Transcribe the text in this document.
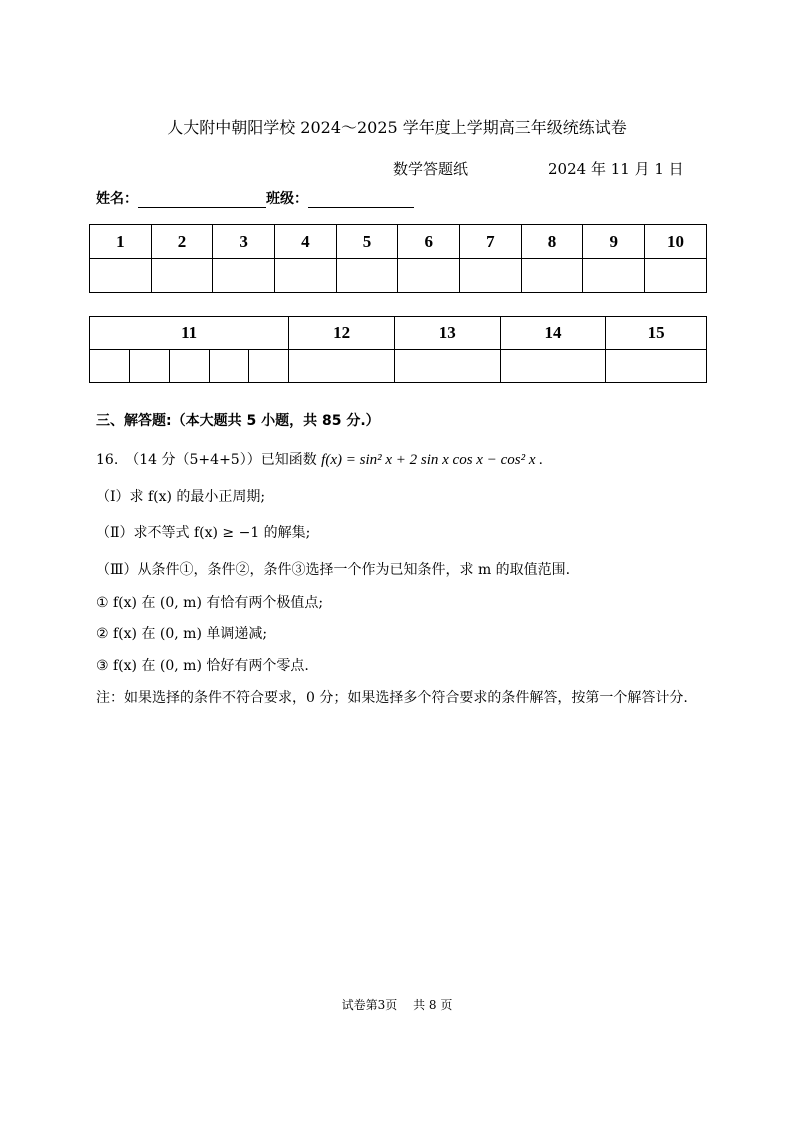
人大附中朝阳学校 2024～2025 学年度上学期高三年级统练试卷
数学答题纸	2024 年 11 月 1 日
姓名：	班级：
1	2	3	4	5	6	7	8	9	10

11					12	13	14	15

三、解答题:（本大题共 5 小题，共 85 分.）
16.　（14 分（5+4+5））已知函数 f(x) = sin² x + 2 sin x cos x − cos² x .
（Ⅰ）求 f(x) 的最小正周期;
（Ⅱ）求不等式 f(x) ≥ −1 的解集;
（Ⅲ）从条件①，条件②，条件③选择一个作为已知条件，求 m 的取值范围.
① f(x) 在 (0, m) 有恰有两个极值点;
② f(x) 在 (0, m) 单调递减;
③ f(x) 在 (0, m) 恰好有两个零点.
注：如果选择的条件不符合要求，0 分；如果选择多个符合要求的条件解答，按第一个解答计分.
试卷第3页　 共 8 页
